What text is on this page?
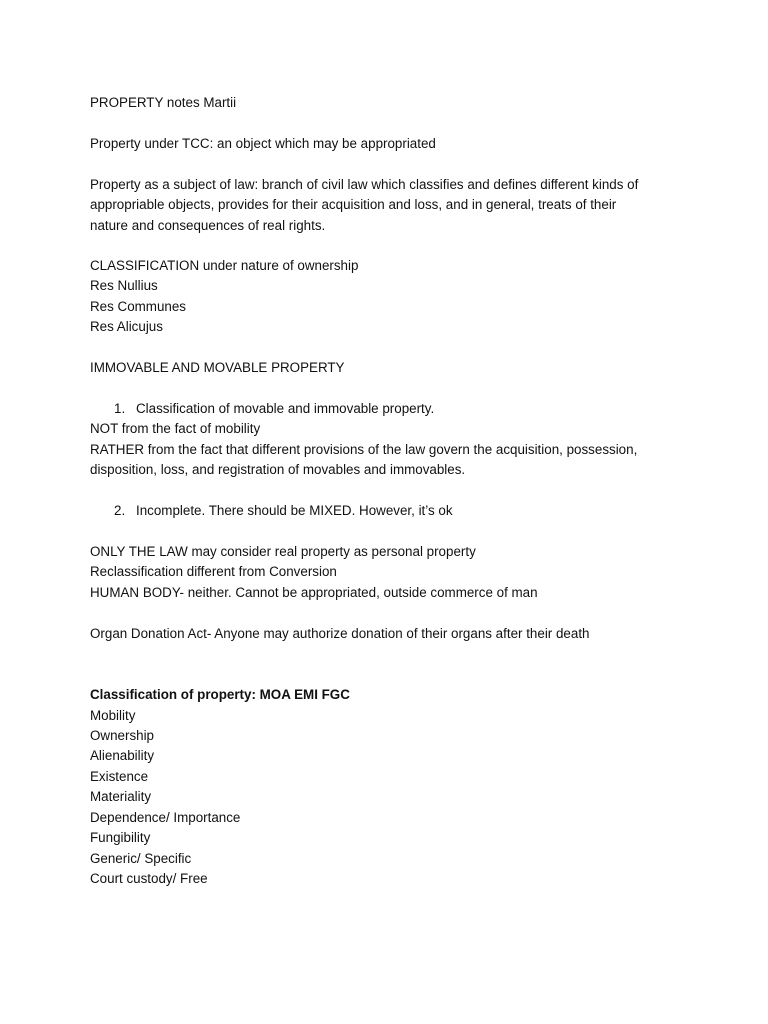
PROPERTY notes Martii
Property under TCC: an object which may be appropriated
Property as a subject of law: branch of civil law which classifies and defines different kinds of
appropriable objects, provides for their acquisition and loss, and in general, treats of their
nature and consequences of real rights.
CLASSIFICATION under nature of ownership
Res Nullius
Res Communes
Res Alicujus
IMMOVABLE AND MOVABLE PROPERTY
1. Classification of movable and immovable property.
NOT from the fact of mobility
RATHER from the fact that different provisions of the law govern the acquisition, possession,
disposition, loss, and registration of movables and immovables.
2. Incomplete. There should be MIXED. However, it’s ok
ONLY THE LAW may consider real property as personal property
Reclassification different from Conversion
HUMAN BODY- neither. Cannot be appropriated, outside commerce of man
Organ Donation Act- Anyone may authorize donation of their organs after their death
Classification of property: MOA EMI FGC
Mobility
Ownership
Alienability
Existence
Materiality
Dependence/ Importance
Fungibility
Generic/ Specific
Court custody/ Free
